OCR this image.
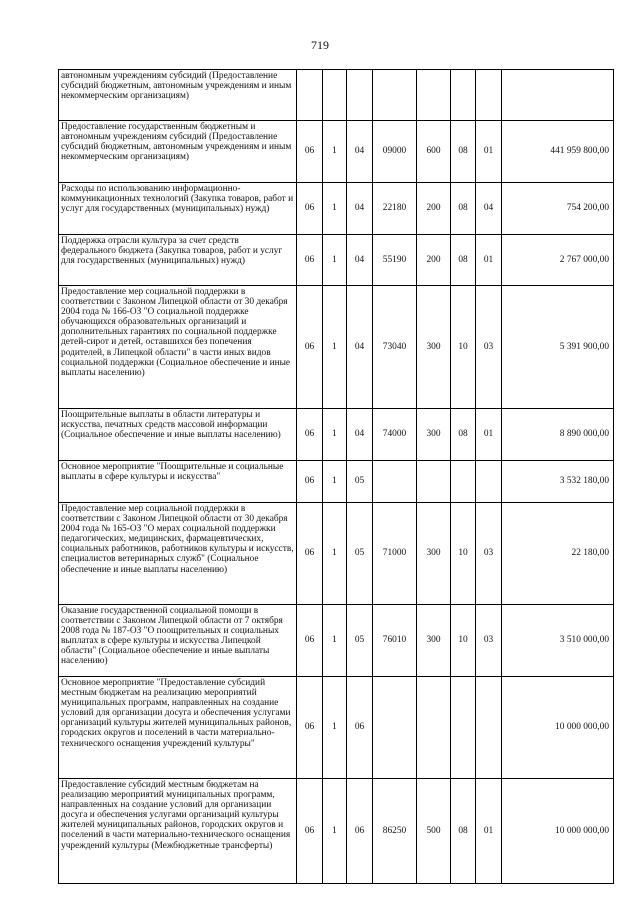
719
автономным учреждениям субсидий (Предоставление субсидий бюджетным, автономным учреждениям и иным некоммерческим организациям)								
Предоставление государственным бюджетным и автономным учреждениям субсидий (Предоставление субсидий бюджетным, автономным учреждениям и иным некоммерческим организациям)	06	1	04	09000	600	08	01	441 959 800,00
Расходы по использованию информационно-коммуникационных технологий (Закупка товаров, работ и услуг для государственных (муниципальных) нужд)	06	1	04	22180	200	08	04	754 200,00
Поддержка отрасли культура за счет средств федерального бюджета (Закупка товаров, работ и услуг для государственных (муниципальных) нужд)	06	1	04	55190	200	08	01	2 767 000,00
Предоставление мер социальной поддержки в соответствии с Законом Липецкой области от 30 декабря 2004 года № 166-ОЗ "О социальной поддержке обучающихся образовательных организаций и дополнительных гарантиях по социальной поддержке детей-сирот и детей, оставшихся без попечения родителей, в Липецкой области" в части иных видов социальной поддержки (Социальное обеспечение и иные выплаты населению)	06	1	04	73040	300	10	03	5 391 900,00
Поощрительные выплаты в области литературы и искусства, печатных средств массовой информации (Социальное обеспечение и иные выплаты населению)	06	1	04	74000	300	08	01	8 890 000,00
Основное мероприятие "Поощрительные и социальные выплаты в сфере культуры и искусства"	06	1	05					3 532 180,00
Предоставление мер социальной поддержки в соответствии с Законом Липецкой области от 30 декабря 2004 года № 165-ОЗ "О мерах социальной поддержки педагогических, медицинских, фармацевтических, социальных работников, работников культуры и искусств, специалистов ветеринарных служб" (Социальное обеспечение и иные выплаты населению)	06	1	05	71000	300	10	03	22 180,00
Оказание государственной социальной помощи в соответствии с Законом Липецкой области от 7 октября 2008 года № 187-ОЗ "О поощрительных и социальных выплатах в сфере культуры и искусства Липецкой области" (Социальное обеспечение и иные выплаты населению)	06	1	05	76010	300	10	03	3 510 000,00
Основное мероприятие "Предоставление субсидий местным бюджетам на реализацию мероприятий муниципальных программ, направленных на создание условий для организации досуга и обеспечения услугами организаций культуры жителей муниципальных районов, городских округов и поселений в части материально-технического оснащения учреждений культуры"	06	1	06					10 000 000,00
Предоставление субсидий местным бюджетам на реализацию мероприятий муниципальных программ, направленных на создание условий для организации досуга и обеспечения услугами организаций культуры жителей муниципальных районов, городских округов и поселений в части материально-технического оснащения учреждений культуры (Межбюджетные трансферты)	06	1	06	86250	500	08	01	10 000 000,00
